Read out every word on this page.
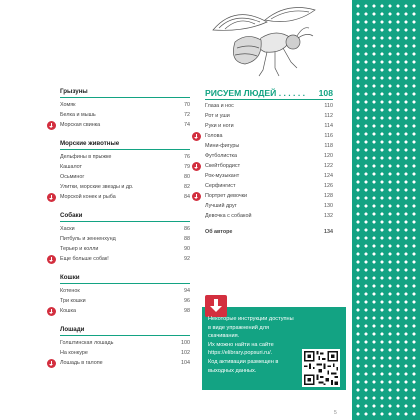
Грызуны
Хомяк	70
Белка и мышь	72
Морская свинка	74
Морские животные
Дельфины в прыжке	76
Кашалот	79
Осьминог	80
Улитки, морские звезды и др.	82
Морской конек и рыба	84
Собаки
Хаски	86
Питбуль и зенненхунд	88
Терьер и колли	90
Еще больше собак!	92
Кошки
Котенок	94
Три кошки	96
Кошка	98
Лошади
Голштинская лошадь	100
На конкуре	102
Лошадь в галопе	104
РИСУЕМ ЛЮДЕЙ . . . . . . 108
Глаза и нос	110
Рот и уши	112
Руки и ноги	114
Голова	116
Мини-фигуры	118
Футболистка	120
Скейтбордист	122
Рок-музыкант	124
Серфингист	126
Портрет девочки	128
Лучший друг	130
Девочка с собакой	132
Об авторе	134
Некоторые инструкции доступны
в виде упражнений для скачивания.
Их можно найти на сайте
https://elibrary.popsuri.ru/.
Код активации размещен в
выходных данных.
5
